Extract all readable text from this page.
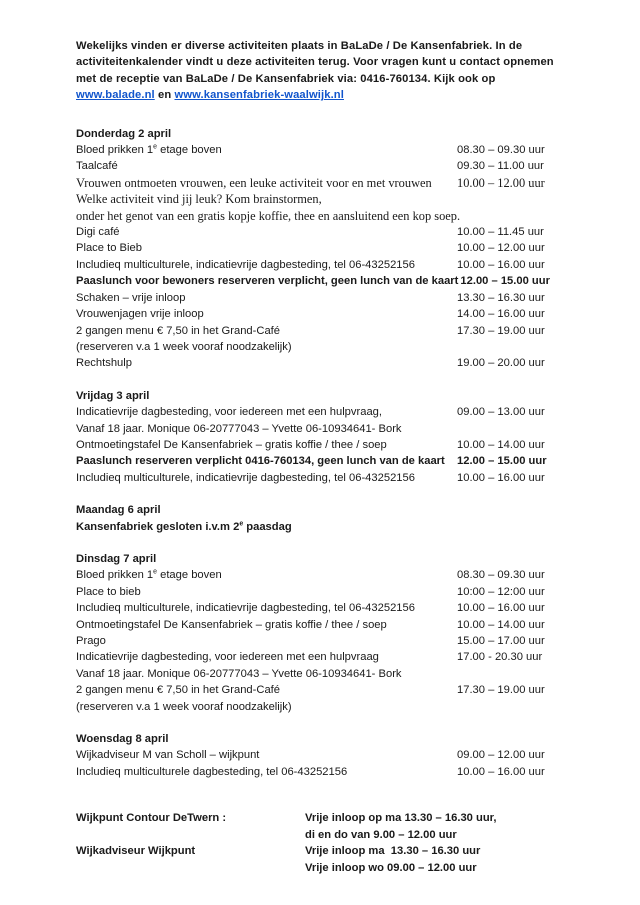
Wekelijks vinden er diverse activiteiten plaats in BaLaDe / De Kansenfabriek. In de
activiteitenkalender vindt u deze activiteiten terug. Voor vragen kunt u contact opnemen
met de receptie van BaLaDe / De Kansenfabriek via: 0416-760134. Kijk ook op
www.balade.nl en www.kansenfabriek-waalwijk.nl

Donderdag 2 april
Bloed prikken 1e etage boven	08.30 – 09.30 uur
Taalcafé	09.30 – 11.00 uur
Vrouwen ontmoeten vrouwen, een leuke activiteit voor en met vrouwen 10.00 – 12.00 uur
Welke activiteit vind jij leuk? Kom brainstormen,
onder het genot van een gratis kopje koffie, thee en aansluitend een kop soep.
Digi café	10.00 – 11.45 uur
Place to Bieb	10.00 – 12.00 uur
Includieq multiculturele, indicatievrije dagbesteding, tel 06-43252156	10.00 – 16.00 uur
Paaslunch voor bewoners reserveren verplicht, geen lunch van de kaart 12.00 – 15.00 uur
Schaken – vrije inloop	13.30 – 16.30 uur
Vrouwenjagen vrije inloop	14.00 – 16.00 uur
2 gangen menu € 7,50 in het Grand-Café	17.30 – 19.00 uur
(reserveren v.a 1 week vooraf noodzakelijk)
Rechtshulp	19.00 – 20.00 uur
Vrijdag 3 april
Indicatievrije dagbesteding, voor iedereen met een hulpvraag,	09.00 – 13.00 uur
Vanaf 18 jaar. Monique 06-20777043 – Yvette 06-10934641- Bork
Ontmoetingstafel De Kansenfabriek – gratis koffie / thee / soep	10.00 – 14.00 uur
Paaslunch reserveren verplicht 0416-760134, geen lunch van de kaart 12.00 – 15.00 uur
Includieq multiculturele, indicatievrije dagbesteding, tel 06-43252156	10.00 – 16.00 uur
Maandag 6 april
Kansenfabriek gesloten i.v.m 2e paasdag
Dinsdag 7 april
Bloed prikken 1e etage boven	08.30 – 09.30 uur
Place to bieb	10:00 – 12:00 uur
Includieq multiculturele, indicatievrije dagbesteding, tel 06-43252156	10.00 – 16.00 uur
Ontmoetingstafel De Kansenfabriek – gratis koffie / thee / soep	10.00 – 14.00 uur
Prago	15.00 – 17.00 uur
Indicatievrije dagbesteding, voor iedereen met een hulpvraag	17.00 - 20.30 uur
Vanaf 18 jaar. Monique 06-20777043 – Yvette 06-10934641- Bork
2 gangen menu € 7,50 in het Grand-Café	17.30 – 19.00 uur
(reserveren v.a 1 week vooraf noodzakelijk)
Woensdag 8 april
Wijkadviseur M van Scholl – wijkpunt	09.00 – 12.00 uur
Includieq multiculturele dagbesteding, tel 06-43252156	10.00 – 16.00 uur
Wijkpunt Contour DeTwern :	Vrije inloop op ma 13.30 – 16.30 uur,
di en do van 9.00 – 12.00 uur
Wijkadviseur Wijkpunt	Vrije inloop ma  13.30 – 16.30 uur
Vrije inloop wo 09.00 – 12.00 uur
